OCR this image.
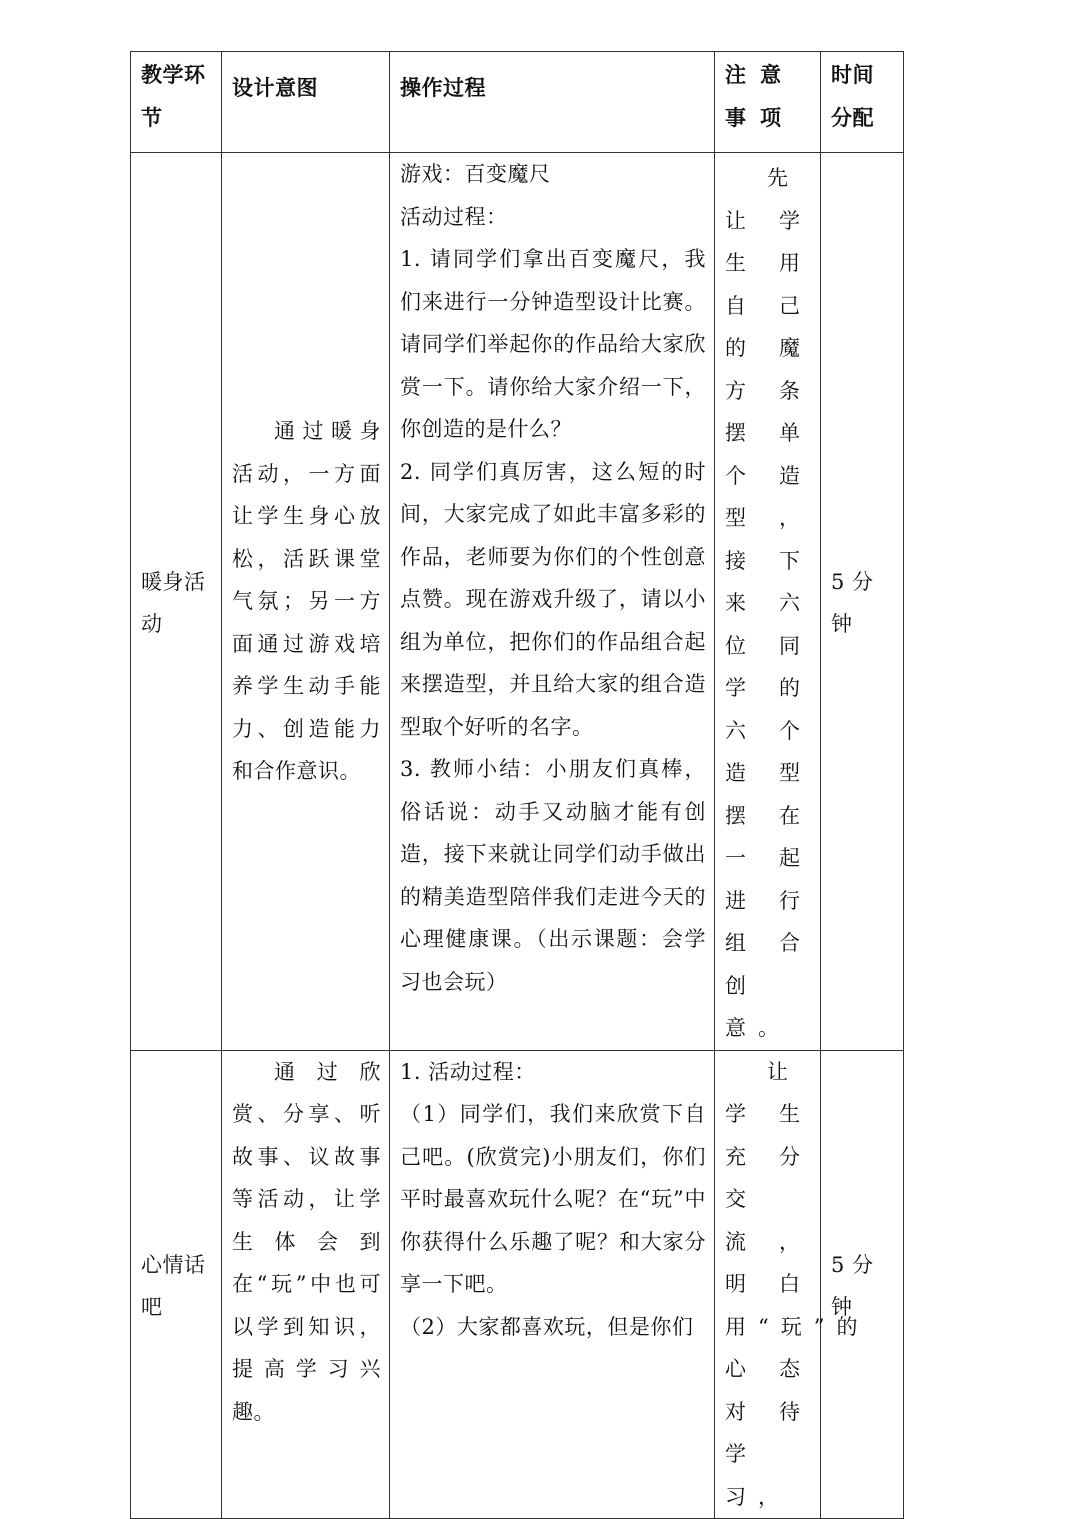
教学环节	设计意图	操作过程	注意事项	时间分配
暖身活动	通过暖身活动，一方面让学生身心放松，活跃课堂气氛；另一方面通过游戏培养学生动手能力、创造能力和合作意识。	游戏：百变魔尺
活动过程：
1. 请同学们拿出百变魔尺，我们来进行一分钟造型设计比赛。请同学们举起你的作品给大家欣赏一下。请你给大家介绍一下，你创造的是什么？
2. 同学们真厉害，这么短的时间，大家完成了如此丰富多彩的作品，老师要为你们的个性创意点赞。现在游戏升级了，请以小组为单位，把你们的作品组合起来摆造型，并且给大家的组合造型取个好听的名字。
3. 教师小结：小朋友们真棒，俗话说：动手又动脑才能有创造，接下来就让同学们动手做出的精美造型陪伴我们走进今天的心理健康课。（出示课题：会学习也会玩）	先让学生用自己的魔方条摆单个造型，接下来六位同学的六个造型摆在一起进行组合创意。	5 分钟
心情话吧	通过欣赏、分享、听故事、议故事等活动，让学生体会到在“玩”中也可以学到知识，提高学习兴趣。	1. 活动过程：
（1）同学们，我们来欣赏下自己吧。(欣赏完)小朋友们，你们平时最喜欢玩什么呢？在“玩”中你获得什么乐趣了呢？和大家分享一下吧。
（2）大家都喜欢玩，但是你们	让学生充分交流，明白用“玩”的心态对待学习，	5 分钟
